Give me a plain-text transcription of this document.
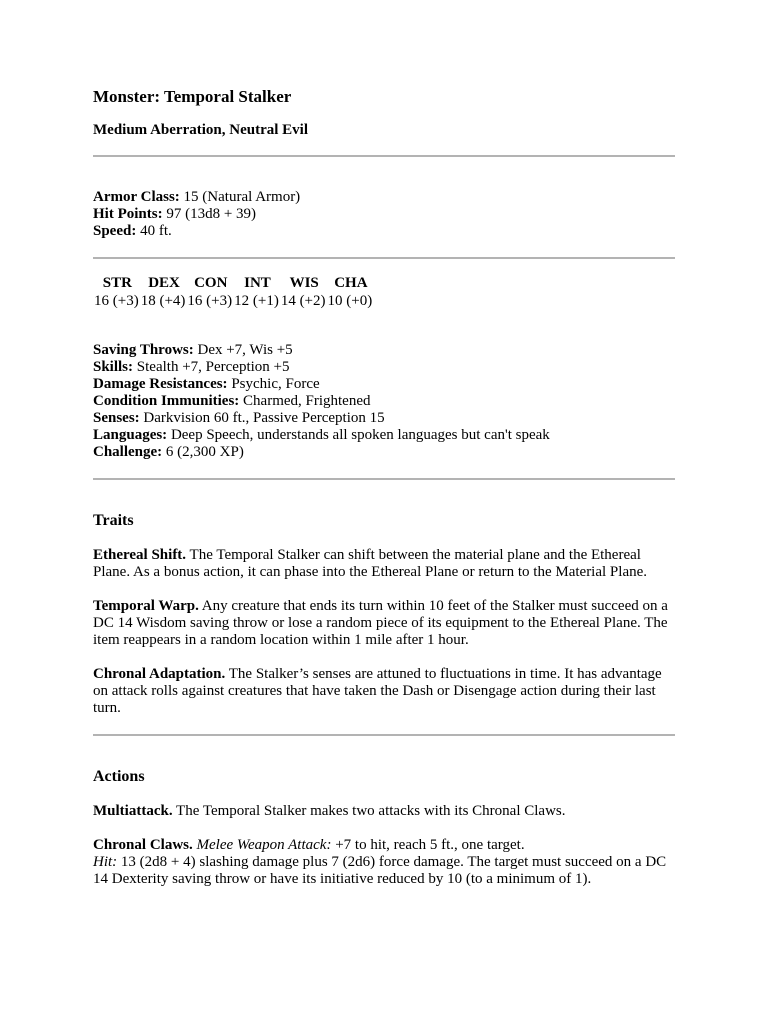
Monster: Temporal Stalker

Medium Aberration, Neutral Evil

Armor Class: 15 (Natural Armor)

Hit Points: 97 (13d8 + 39)

Speed: 40 ft.

STR	DEX	CON	INT	WIS	CHA
16 (+3)	18 (+4)	16 (+3)	12 (+1)	14 (+2)	10 (+0)

Saving Throws: Dex +7, Wis +5

Skills: Stealth +7, Perception +5

Damage Resistances: Psychic, Force

Condition Immunities: Charmed, Frightened

Senses: Darkvision 60 ft., Passive Perception 15

Languages: Deep Speech, understands all spoken languages but can't speak

Challenge: 6 (2,300 XP)

Traits

Ethereal Shift. The Temporal Stalker can shift between the material plane and the Ethereal Plane. As a bonus action, it can phase into the Ethereal Plane or return to the Material Plane.

Temporal Warp. Any creature that ends its turn within 10 feet of the Stalker must succeed on a DC 14 Wisdom saving throw or lose a random piece of its equipment to the Ethereal Plane. The item reappears in a random location within 1 mile after 1 hour.

Chronal Adaptation. The Stalker’s senses are attuned to fluctuations in time. It has advantage on attack rolls against creatures that have taken the Dash or Disengage action during their last turn.

Actions

Multiattack. The Temporal Stalker makes two attacks with its Chronal Claws.

Chronal Claws. Melee Weapon Attack: +7 to hit, reach 5 ft., one target.
Hit: 13 (2d8 + 4) slashing damage plus 7 (2d6) force damage. The target must succeed on a DC 14 Dexterity saving throw or have its initiative reduced by 10 (to a minimum of 1).
